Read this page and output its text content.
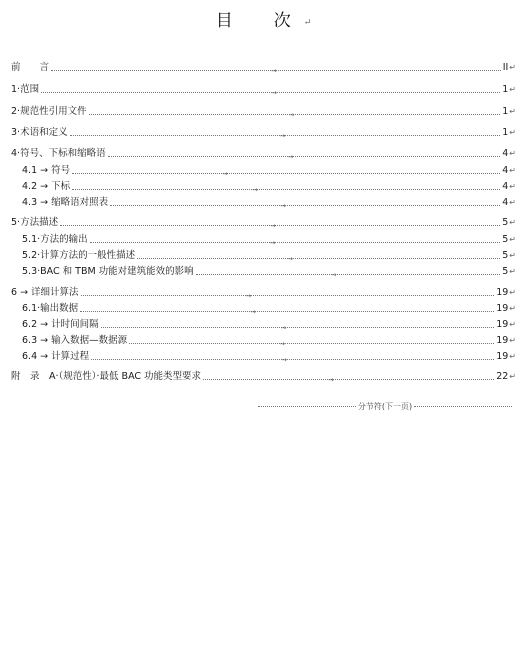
目　次↵
前　　言	→	II ↵
1·范围	→	1 ↵
2·规范性引用文件	→	1 ↵
3·术语和定义	→	1 ↵
4·符号、下标和缩略语	→	4 ↵
4.1 → 符号	→	4 ↵
4.2 → 下标	→	4 ↵
4.3 → 缩略语对照表	→	4 ↵
5·方法描述	→	5 ↵
5.1·方法的输出	→	5 ↵
5.2·计算方法的一般性描述	→	5 ↵
5.3·BAC 和 TBM 功能对建筑能效的影响	→	5 ↵
6 → 详细计算法	→	19 ↵
6.1·输出数据	→	19 ↵
6.2 → 计时间间隔	→	19 ↵
6.3 → 输入数据—数据源	→	19 ↵
6.4 → 计算过程	→	19 ↵
附　录　A·（规范性）·最低 BAC 功能类型要求	→	22 ↵
分节符(下一页)
